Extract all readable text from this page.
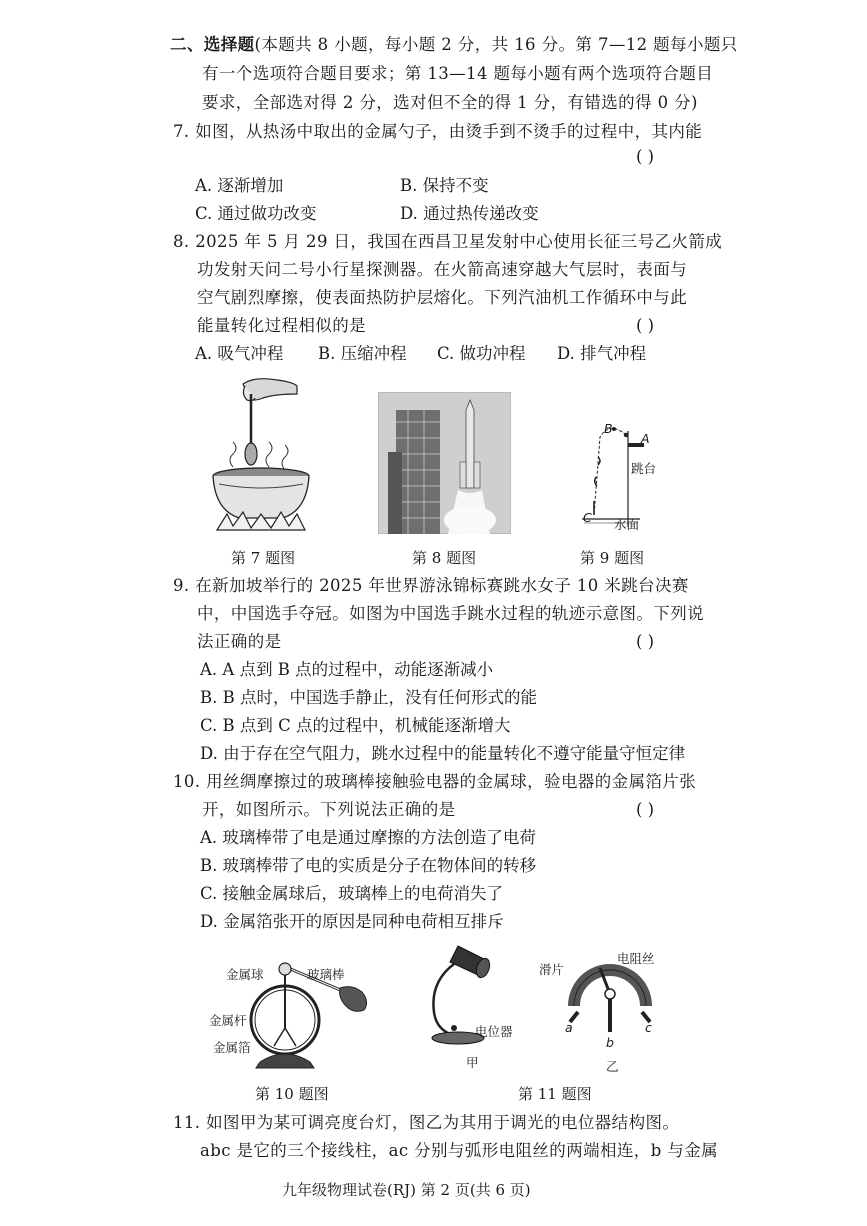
二、选择题(本题共 8 小题，每小题 2 分，共 16 分。第 7—12 题每小题只
有一个选项符合题目要求；第 13—14 题每小题有两个选项符合题目
要求，全部选对得 2 分，选对但不全的得 1 分，有错选的得 0 分)
7. 如图，从热汤中取出的金属勺子，由烫手到不烫手的过程中，其内能
( )
A. 逐渐增加	B. 保持不变
C. 通过做功改变	D. 通过热传递改变
8. 2025 年 5 月 29 日，我国在西昌卫星发射中心使用长征三号乙火箭成
功发射天问二号小行星探测器。在火箭高速穿越大气层时，表面与
空气剧烈摩擦，使表面热防护层熔化。下列汽油机工作循环中与此
能量转化过程相似的是	( )
A. 吸气冲程 B. 压缩冲程 C. 做功冲程 D. 排气冲程
第 7 题图	第 8 题图
B
A
跳台
C 水面
第 9 题图
9. 在新加坡举行的 2025 年世界游泳锦标赛跳水女子 10 米跳台决赛
中，中国选手夺冠。如图为中国选手跳水过程的轨迹示意图。下列说
法正确的是	( )
A. A 点到 B 点的过程中，动能逐渐减小
B. B 点时，中国选手静止，没有任何形式的能
C. B 点到 C 点的过程中，机械能逐渐增大
D. 由于存在空气阻力，跳水过程中的能量转化不遵守能量守恒定律
10. 用丝绸摩擦过的玻璃棒接触验电器的金属球，验电器的金属箔片张
开，如图所示。下列说法正确的是	( )
A. 玻璃棒带了电是通过摩擦的方法创造了电荷
B. 玻璃棒带了电的实质是分子在物体间的转移
C. 接触金属球后，玻璃棒上的电荷消失了
D. 金属箔张开的原因是同种电荷相互排斥
金属球	玻璃棒
金属杆
金属箔
第 10 题图
电位器
甲
滑片
电阻丝
a
b
c
乙
第 11 题图
11. 如图甲为某可调亮度台灯，图乙为其用于调光的电位器结构图。
abc 是它的三个接线柱，ac 分别与弧形电阻丝的两端相连，b 与金属
九年级物理试卷(RJ) 第 2 页(共 6 页)
